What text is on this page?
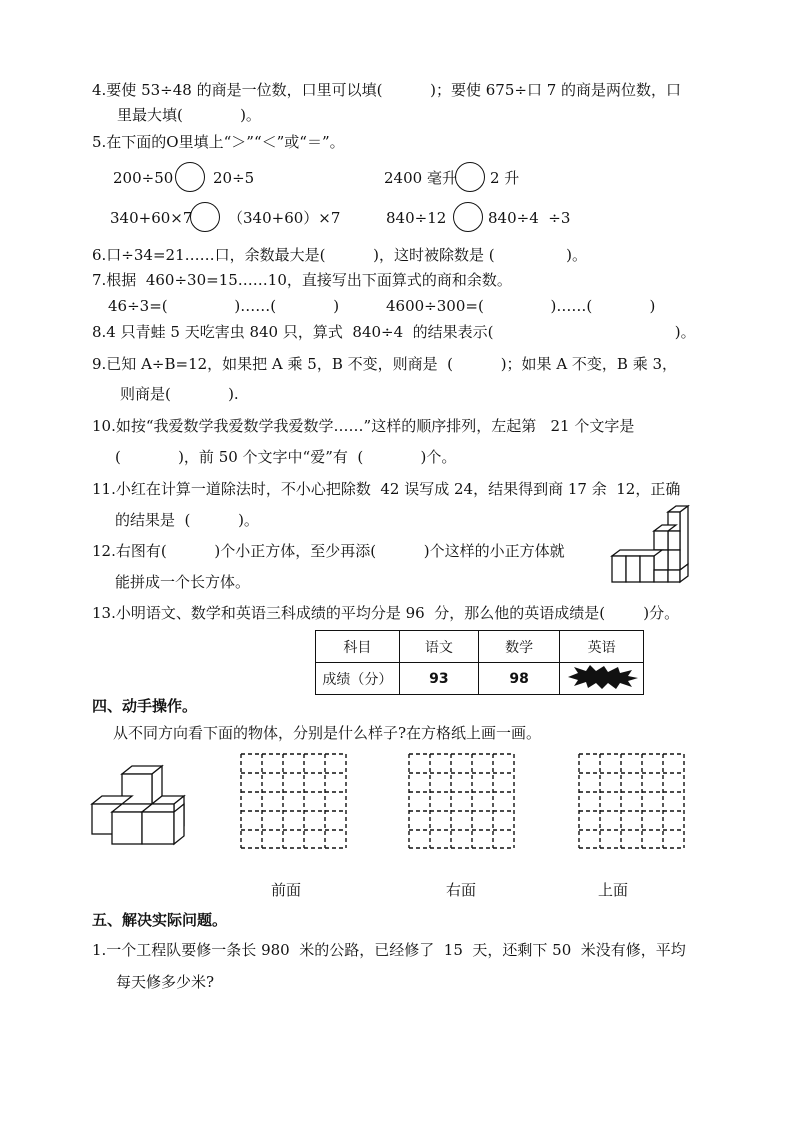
4.要使 53÷48 的商是一位数，口里可以填(          )；要使 675÷口 7 的商是两位数，口
里最大填(            )。
5.在下面的O里填上“＞”“＜”或“＝”。
200÷50	20÷5	2400 毫升 2 升
340+60×7 （340+60）×7	840÷12	840÷4  ÷3
6.口÷34=21……口，余数最大是(          )，这时被除数是 (               )。
7.根据  460÷30=15……10，直接写出下面算式的商和余数。
46÷3=(              )……(            )	4600÷300=(              )……(            )
8.4 只青蛙 5 天吃害虫 840 只，算式  840÷4  的结果表示(                                      )。
9.已知 A÷B=12，如果把 A 乘 5，B 不变，则商是  (          )；如果 A 不变，B 乘 3，
则商是(            ).
10.如按“我爱数学我爱数学我爱数学……”这样的顺序排列，左起第   21 个文字是
(            )，前 50 个文字中“爱”有  (            )个。
11.小红在计算一道除法时，不小心把除数  42 误写成 24，结果得到商 17 余  12，正确
的结果是  (          )。
12.右图有(          )个小正方体，至少再添(          )个这样的小正方体就
能拼成一个长方体。
13.小明语文、数学和英语三科成绩的平均分是 96  分，那么他的英语成绩是(        )分。
科目	语文	数学	英语
成绩（分）	93	98	
四、动手操作。
从不同方向看下面的物体，分别是什么样子?在方格纸上画一画。
前面	右面	上面
五、解决实际问题。
1.一个工程队要修一条长 980  米的公路，已经修了  15  天，还剩下 50  米没有修，平均
每天修多少米?
